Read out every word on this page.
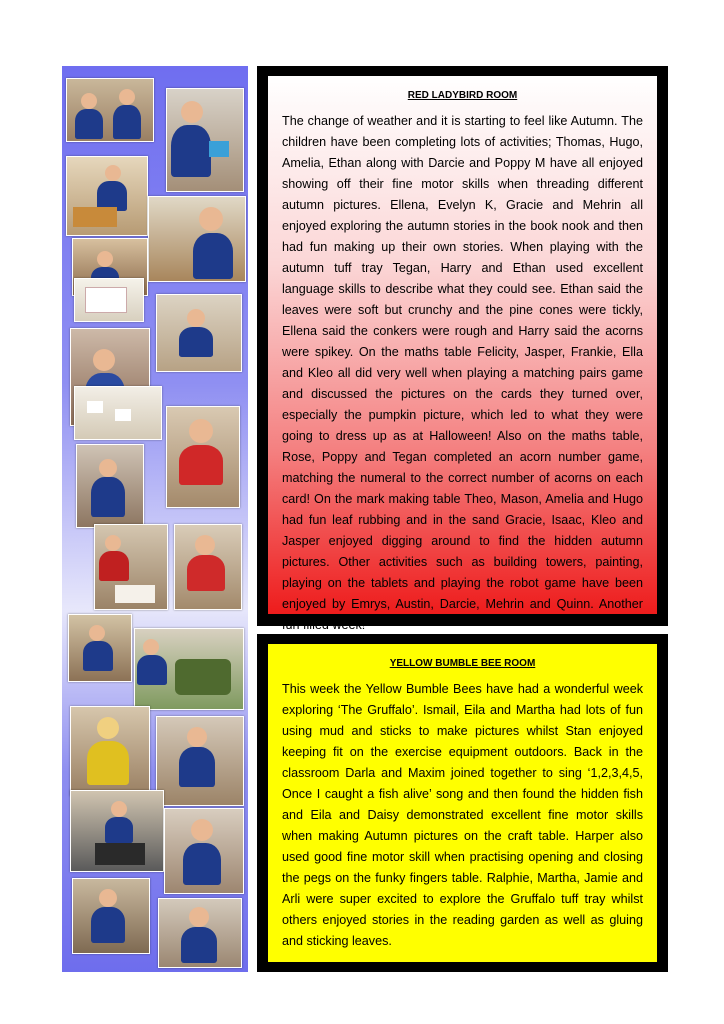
RED LADYBIRD ROOM

The change of weather and it is starting to feel like Autumn. The children have been completing lots of activities; Thomas, Hugo, Amelia, Ethan along with Darcie and Poppy M have all enjoyed showing off their fine motor skills when threading different autumn pictures. Ellena, Evelyn K, Gracie and Mehrin all enjoyed exploring the autumn stories in the book nook and then had fun making up their own stories. When playing with the autumn tuff tray Tegan, Harry and Ethan used excellent language skills to describe what they could see. Ethan said the leaves were soft but crunchy and the pine cones were tickly, Ellena said the conkers were rough and Harry said the acorns were spikey. On the maths table Felicity, Jasper, Frankie, Ella and Kleo all did very well when playing a matching pairs game and discussed the pictures on the cards they turned over, especially the pumpkin picture, which led to what they were going to dress up as at Halloween! Also on the maths table, Rose, Poppy and Tegan completed an acorn number game, matching the numeral to the correct number of acorns on each card! On the mark making table Theo, Mason, Amelia and Hugo had fun leaf rubbing and in the sand Gracie, Isaac, Kleo and Jasper enjoyed digging around to find the hidden autumn pictures. Other activities such as building towers, painting, playing on the tablets and playing the robot game have been enjoyed by Emrys, Austin, Darcie, Mehrin and Quinn. Another fun filled week!

YELLOW BUMBLE BEE ROOM

This week the Yellow Bumble Bees have had a wonderful week exploring ‘The Gruffalo’. Ismail, Eila and Martha had lots of fun using mud and sticks to make pictures whilst Stan enjoyed keeping fit on the exercise equipment outdoors. Back in the classroom Darla and Maxim joined together to sing ‘1,2,3,4,5, Once I caught a fish alive’ song and then found the hidden fish and Eila and Daisy demonstrated excellent fine motor skills when making Autumn pictures on the craft table. Harper also used good fine motor skill when practising opening and closing the pegs on the funky fingers table. Ralphie, Martha, Jamie and Arli were super excited to explore the Gruffalo tuff tray whilst others enjoyed stories in the reading garden as well as gluing and sticking leaves.
